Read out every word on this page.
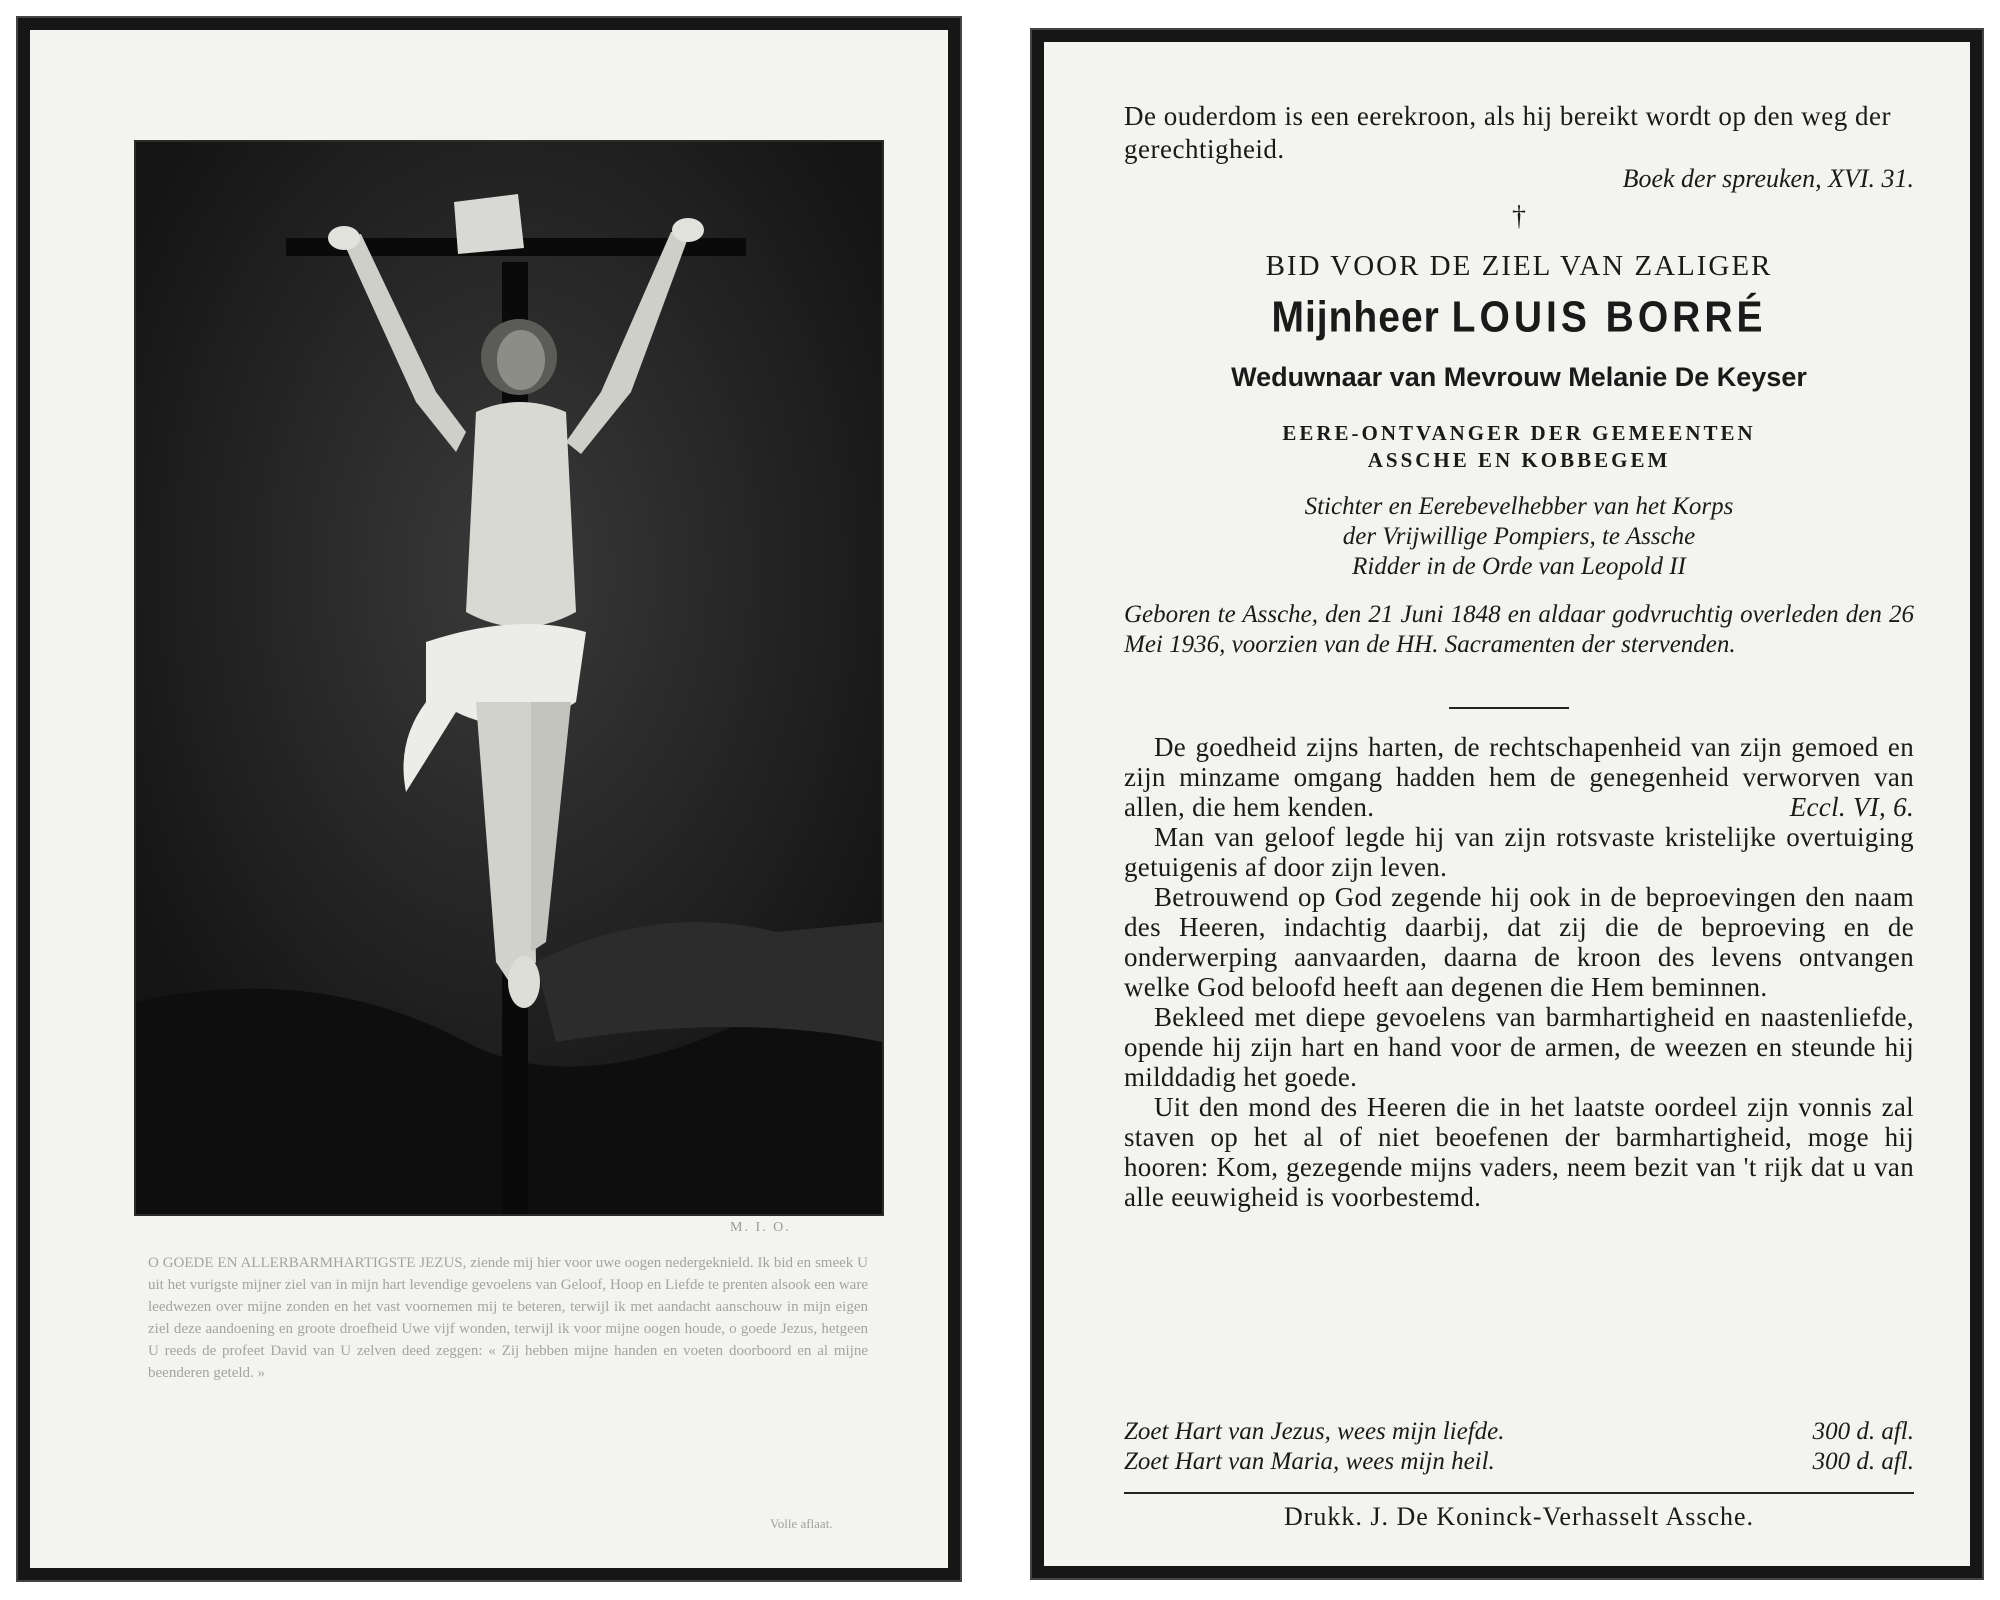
M. I. O.
O GOEDE EN ALLERBARMHARTIGSTE JEZUS, ziende mij hier voor uwe oogen nedergeknield. Ik bid en smeek U uit het vurigste mijner ziel van in mijn hart levendige gevoelens van Geloof, Hoop en Liefde te prenten alsook een ware leedwezen over mijne zonden en het vast voornemen mij te beteren, terwijl ik met aandacht aanschouw in mijn eigen ziel deze aandoening en groote droefheid Uwe vijf wonden, terwijl ik voor mijne oogen houde, o goede Jezus, hetgeen U reeds de profeet David van U zelven deed zeggen: « Zij hebben mijne handen en voeten doorboord en al mijne beenderen geteld. »
Volle aflaat.
De ouderdom is een eerekroon, als hij bereikt wordt op den weg der gerechtigheid.
Boek der spreuken, XVI. 31.
†
BID VOOR DE ZIEL VAN ZALIGER
Mijnheer LOUIS BORRÉ
Weduwnaar van Mevrouw Melanie De Keyser
EERE-ONTVANGER DER GEMEENTEN
ASSCHE EN KOBBEGEM
Stichter en Eerebevelhebber van het Korps
der Vrijwillige Pompiers, te Assche
Ridder in de Orde van Leopold II
Geboren te Assche, den 21 Juni 1848 en aldaar godvruchtig overleden den 26 Mei 1936, voorzien van de HH. Sacramenten der stervenden.

De goedheid zijns harten, de rechtschapenheid van zijn gemoed en zijn minzame omgang hadden hem de genegenheid verworven van allen, die hem kenden.	Eccl. VI, 6.

Man van geloof legde hij van zijn rotsvaste kristelijke overtuiging getuigenis af door zijn leven.

Betrouwend op God zegende hij ook in de beproevingen den naam des Heeren, indachtig daarbij, dat zij die de beproeving en de onderwerping aanvaarden, daarna de kroon des levens ontvangen welke God beloofd heeft aan degenen die Hem beminnen.

Bekleed met diepe gevoelens van barmhartigheid en naastenliefde, opende hij zijn hart en hand voor de armen, de weezen en steunde hij milddadig het goede.

Uit den mond des Heeren die in het laatste oordeel zijn vonnis zal staven op het al of niet beoefenen der barmhartigheid, moge hij hooren: Kom, gezegende mijns vaders, neem bezit van 't rijk dat u van alle eeuwigheid is voorbestemd.

Zoet Hart van Jezus, wees mijn liefde.	300 d. afl.
Zoet Hart van Maria, wees mijn heil.	300 d. afl.
Drukk. J. De Koninck-Verhasselt Assche.
